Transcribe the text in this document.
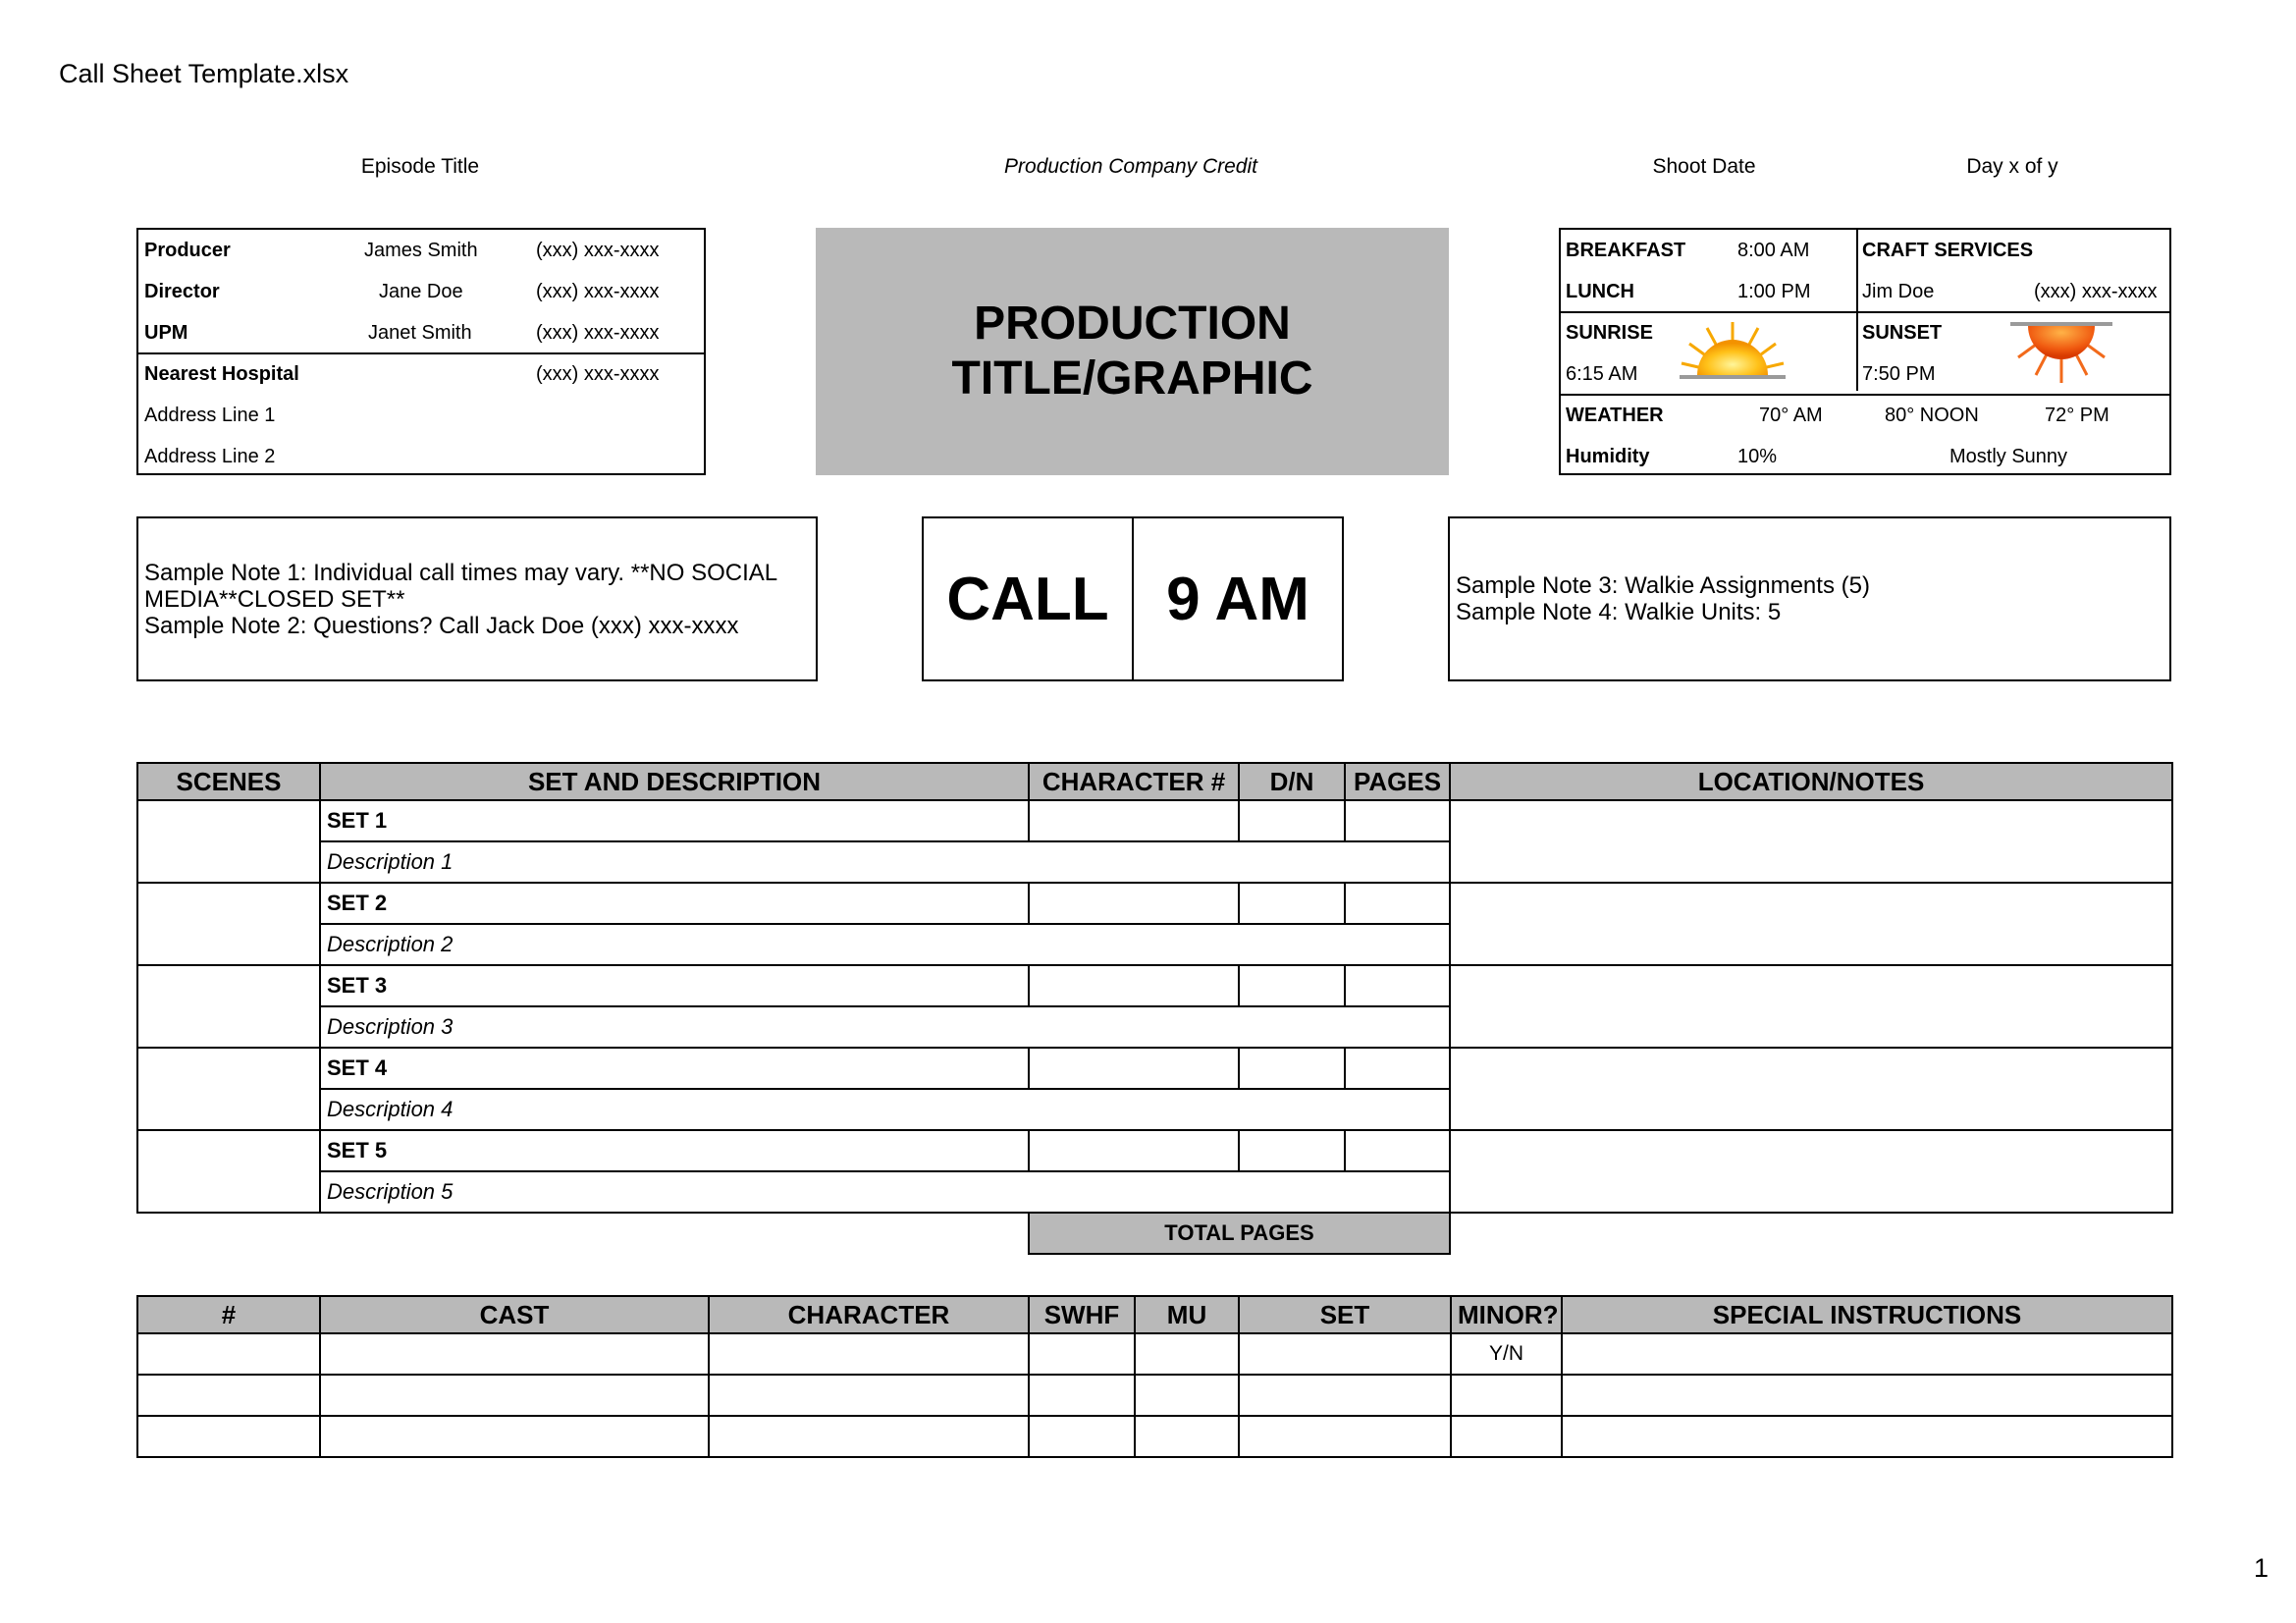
Call Sheet Template.xlsx
Episode Title	Production Company Credit	Shoot Date	Day x of y
Producer	James Smith	(xxx) xxx-xxxx
Director	Jane Doe	(xxx) xxx-xxxx
UPM	Janet Smith	(xxx) xxx-xxxx
Nearest Hospital	(xxx) xxx-xxxx
Address Line 1
Address Line 2
PRODUCTION
TITLE/GRAPHIC
BREAKFAST	8:00 AM	CRAFT SERVICES
LUNCH	1:00 PM	Jim Doe	(xxx) xxx-xxxx
SUNRISE	SUNSET
6:15 AM	7:50 PM
WEATHER	70° AM	80° NOON	72° PM
Humidity	10%	Mostly Sunny
Sample Note 1: Individual call times may vary. **NO SOCIAL MEDIA**CLOSED SET**
Sample Note 2: Questions? Call Jack Doe (xxx) xxx-xxxx	CALL 9 AM	Sample Note 3: Walkie Assignments (5)
Sample Note 4: Walkie Units: 5
SCENES	SET AND DESCRIPTION	CHARACTER #	D/N	PAGES	LOCATION/NOTES
	SET 1				
	Description 1				
	SET 2				
	Description 2				
	SET 3				
	Description 3				
	SET 4				
	Description 4				
	SET 5				
	Description 5				
		TOTAL PAGES			
#	CAST	CHARACTER	SWHF	MU	SET	MINOR?	SPECIAL INSTRUCTIONS
						Y/N	

1
